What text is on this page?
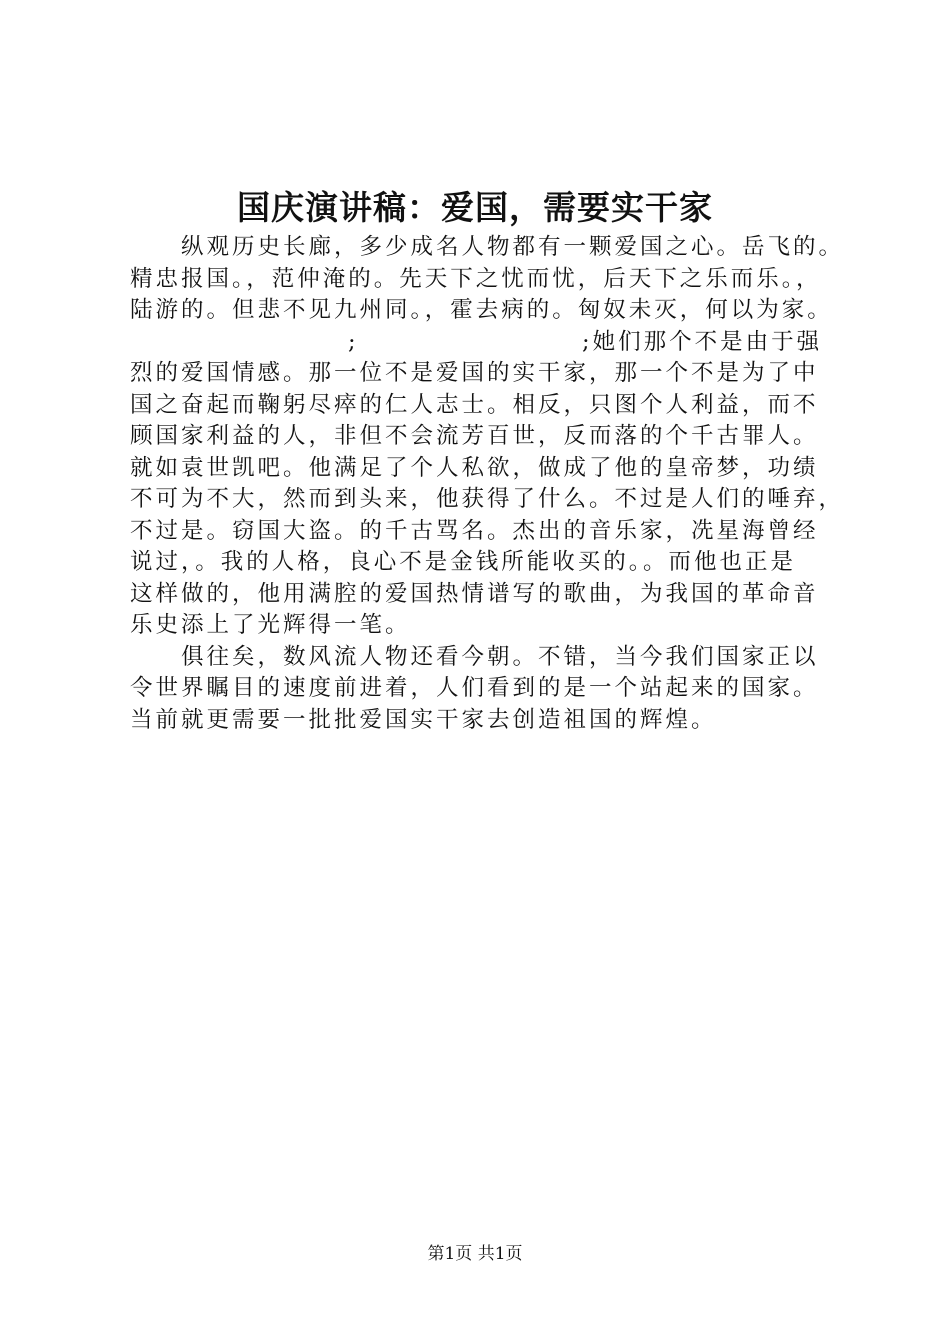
国庆演讲稿：爱国，需要实干家
纵观历史长廊，多少成名人物都有一颗爱国之心。岳飞的。
精忠报国。，范仲淹的。先天下之忧而忧，后天下之乐而乐。，
陆游的。但悲不见九州同。，霍去病的。匈奴未灭，何以为家。
;	;她们那个不是由于强
烈的爱国情感。那一位不是爱国的实干家，那一个不是为了中
国之奋起而鞠躬尽瘁的仁人志士。相反，只图个人利益，而不
顾国家利益的人，非但不会流芳百世，反而落的个千古罪人。
就如袁世凯吧。他满足了个人私欲，做成了他的皇帝梦，功绩
不可为不大，然而到头来，他获得了什么。不过是人们的唾弃，
不过是。窃国大盗。的千古骂名。杰出的音乐家，冼星海曾经
说过，。我的人格，良心不是金钱所能收买的。。而他也正是
这样做的，他用满腔的爱国热情谱写的歌曲，为我国的革命音
乐史添上了光辉得一笔。
俱往矣，数风流人物还看今朝。不错，当今我们国家正以
令世界瞩目的速度前进着，人们看到的是一个站起来的国家。
当前就更需要一批批爱国实干家去创造祖国的辉煌。
第1页 共1页
